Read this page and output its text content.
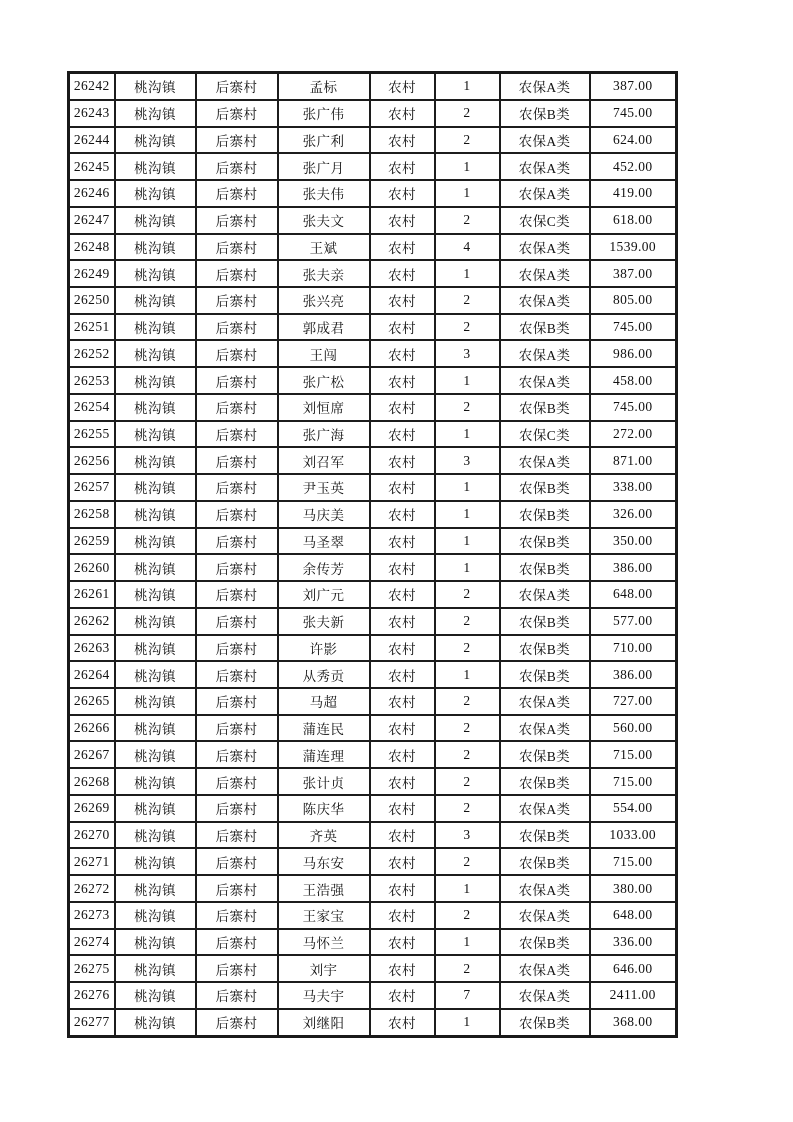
26242	桃沟镇	后寨村	孟标	农村	1	农保A类	387.00
26243	桃沟镇	后寨村	张广伟	农村	2	农保B类	745.00
26244	桃沟镇	后寨村	张广利	农村	2	农保A类	624.00
26245	桃沟镇	后寨村	张广月	农村	1	农保A类	452.00
26246	桃沟镇	后寨村	张夫伟	农村	1	农保A类	419.00
26247	桃沟镇	后寨村	张夫文	农村	2	农保C类	618.00
26248	桃沟镇	后寨村	王斌	农村	4	农保A类	1539.00
26249	桃沟镇	后寨村	张夫亲	农村	1	农保A类	387.00
26250	桃沟镇	后寨村	张兴亮	农村	2	农保A类	805.00
26251	桃沟镇	后寨村	郭成君	农村	2	农保B类	745.00
26252	桃沟镇	后寨村	王闯	农村	3	农保A类	986.00
26253	桃沟镇	后寨村	张广松	农村	1	农保A类	458.00
26254	桃沟镇	后寨村	刘恒席	农村	2	农保B类	745.00
26255	桃沟镇	后寨村	张广海	农村	1	农保C类	272.00
26256	桃沟镇	后寨村	刘召军	农村	3	农保A类	871.00
26257	桃沟镇	后寨村	尹玉英	农村	1	农保B类	338.00
26258	桃沟镇	后寨村	马庆美	农村	1	农保B类	326.00
26259	桃沟镇	后寨村	马圣翠	农村	1	农保B类	350.00
26260	桃沟镇	后寨村	余传芳	农村	1	农保B类	386.00
26261	桃沟镇	后寨村	刘广元	农村	2	农保A类	648.00
26262	桃沟镇	后寨村	张夫新	农村	2	农保B类	577.00
26263	桃沟镇	后寨村	许影	农村	2	农保B类	710.00
26264	桃沟镇	后寨村	从秀贡	农村	1	农保B类	386.00
26265	桃沟镇	后寨村	马超	农村	2	农保A类	727.00
26266	桃沟镇	后寨村	蒲连民	农村	2	农保A类	560.00
26267	桃沟镇	后寨村	蒲连理	农村	2	农保B类	715.00
26268	桃沟镇	后寨村	张计贞	农村	2	农保B类	715.00
26269	桃沟镇	后寨村	陈庆华	农村	2	农保A类	554.00
26270	桃沟镇	后寨村	齐英	农村	3	农保B类	1033.00
26271	桃沟镇	后寨村	马东安	农村	2	农保B类	715.00
26272	桃沟镇	后寨村	王浩强	农村	1	农保A类	380.00
26273	桃沟镇	后寨村	王家宝	农村	2	农保A类	648.00
26274	桃沟镇	后寨村	马怀兰	农村	1	农保B类	336.00
26275	桃沟镇	后寨村	刘宇	农村	2	农保A类	646.00
26276	桃沟镇	后寨村	马夫宇	农村	7	农保A类	2411.00
26277	桃沟镇	后寨村	刘继阳	农村	1	农保B类	368.00
